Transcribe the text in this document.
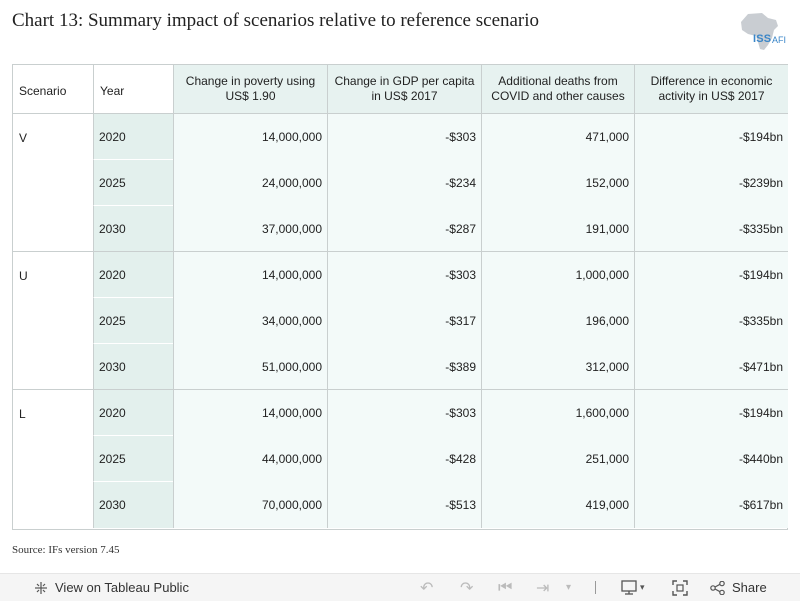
Chart 13: Summary impact of scenarios relative to reference scenario
ISS AFI
Scenario	Year
Change in poverty using US$ 1.90
Change in GDP per capita in US$ 2017
Additional deaths from COVID and other causes
Difference in economic activity in US$ 2017
V	2020	14,000,000	-$303	471,000	-$194bn
2025	24,000,000	-$234	152,000	-$239bn
2030	37,000,000	-$287	191,000	-$335bn
U	2020	14,000,000	-$303	1,000,000	-$194bn
2025	34,000,000	-$317	196,000	-$335bn
2030	51,000,000	-$389	312,000	-$471bn
L	2020	14,000,000	-$303	1,600,000	-$194bn
2025	44,000,000	-$428	251,000	-$440bn
2030	70,000,000	-$513	419,000	-$617bn
Source: IFs version 7.45
View on Tableau Public	↶ ↷ ⏮ ⇥ ▾	▾	Share
